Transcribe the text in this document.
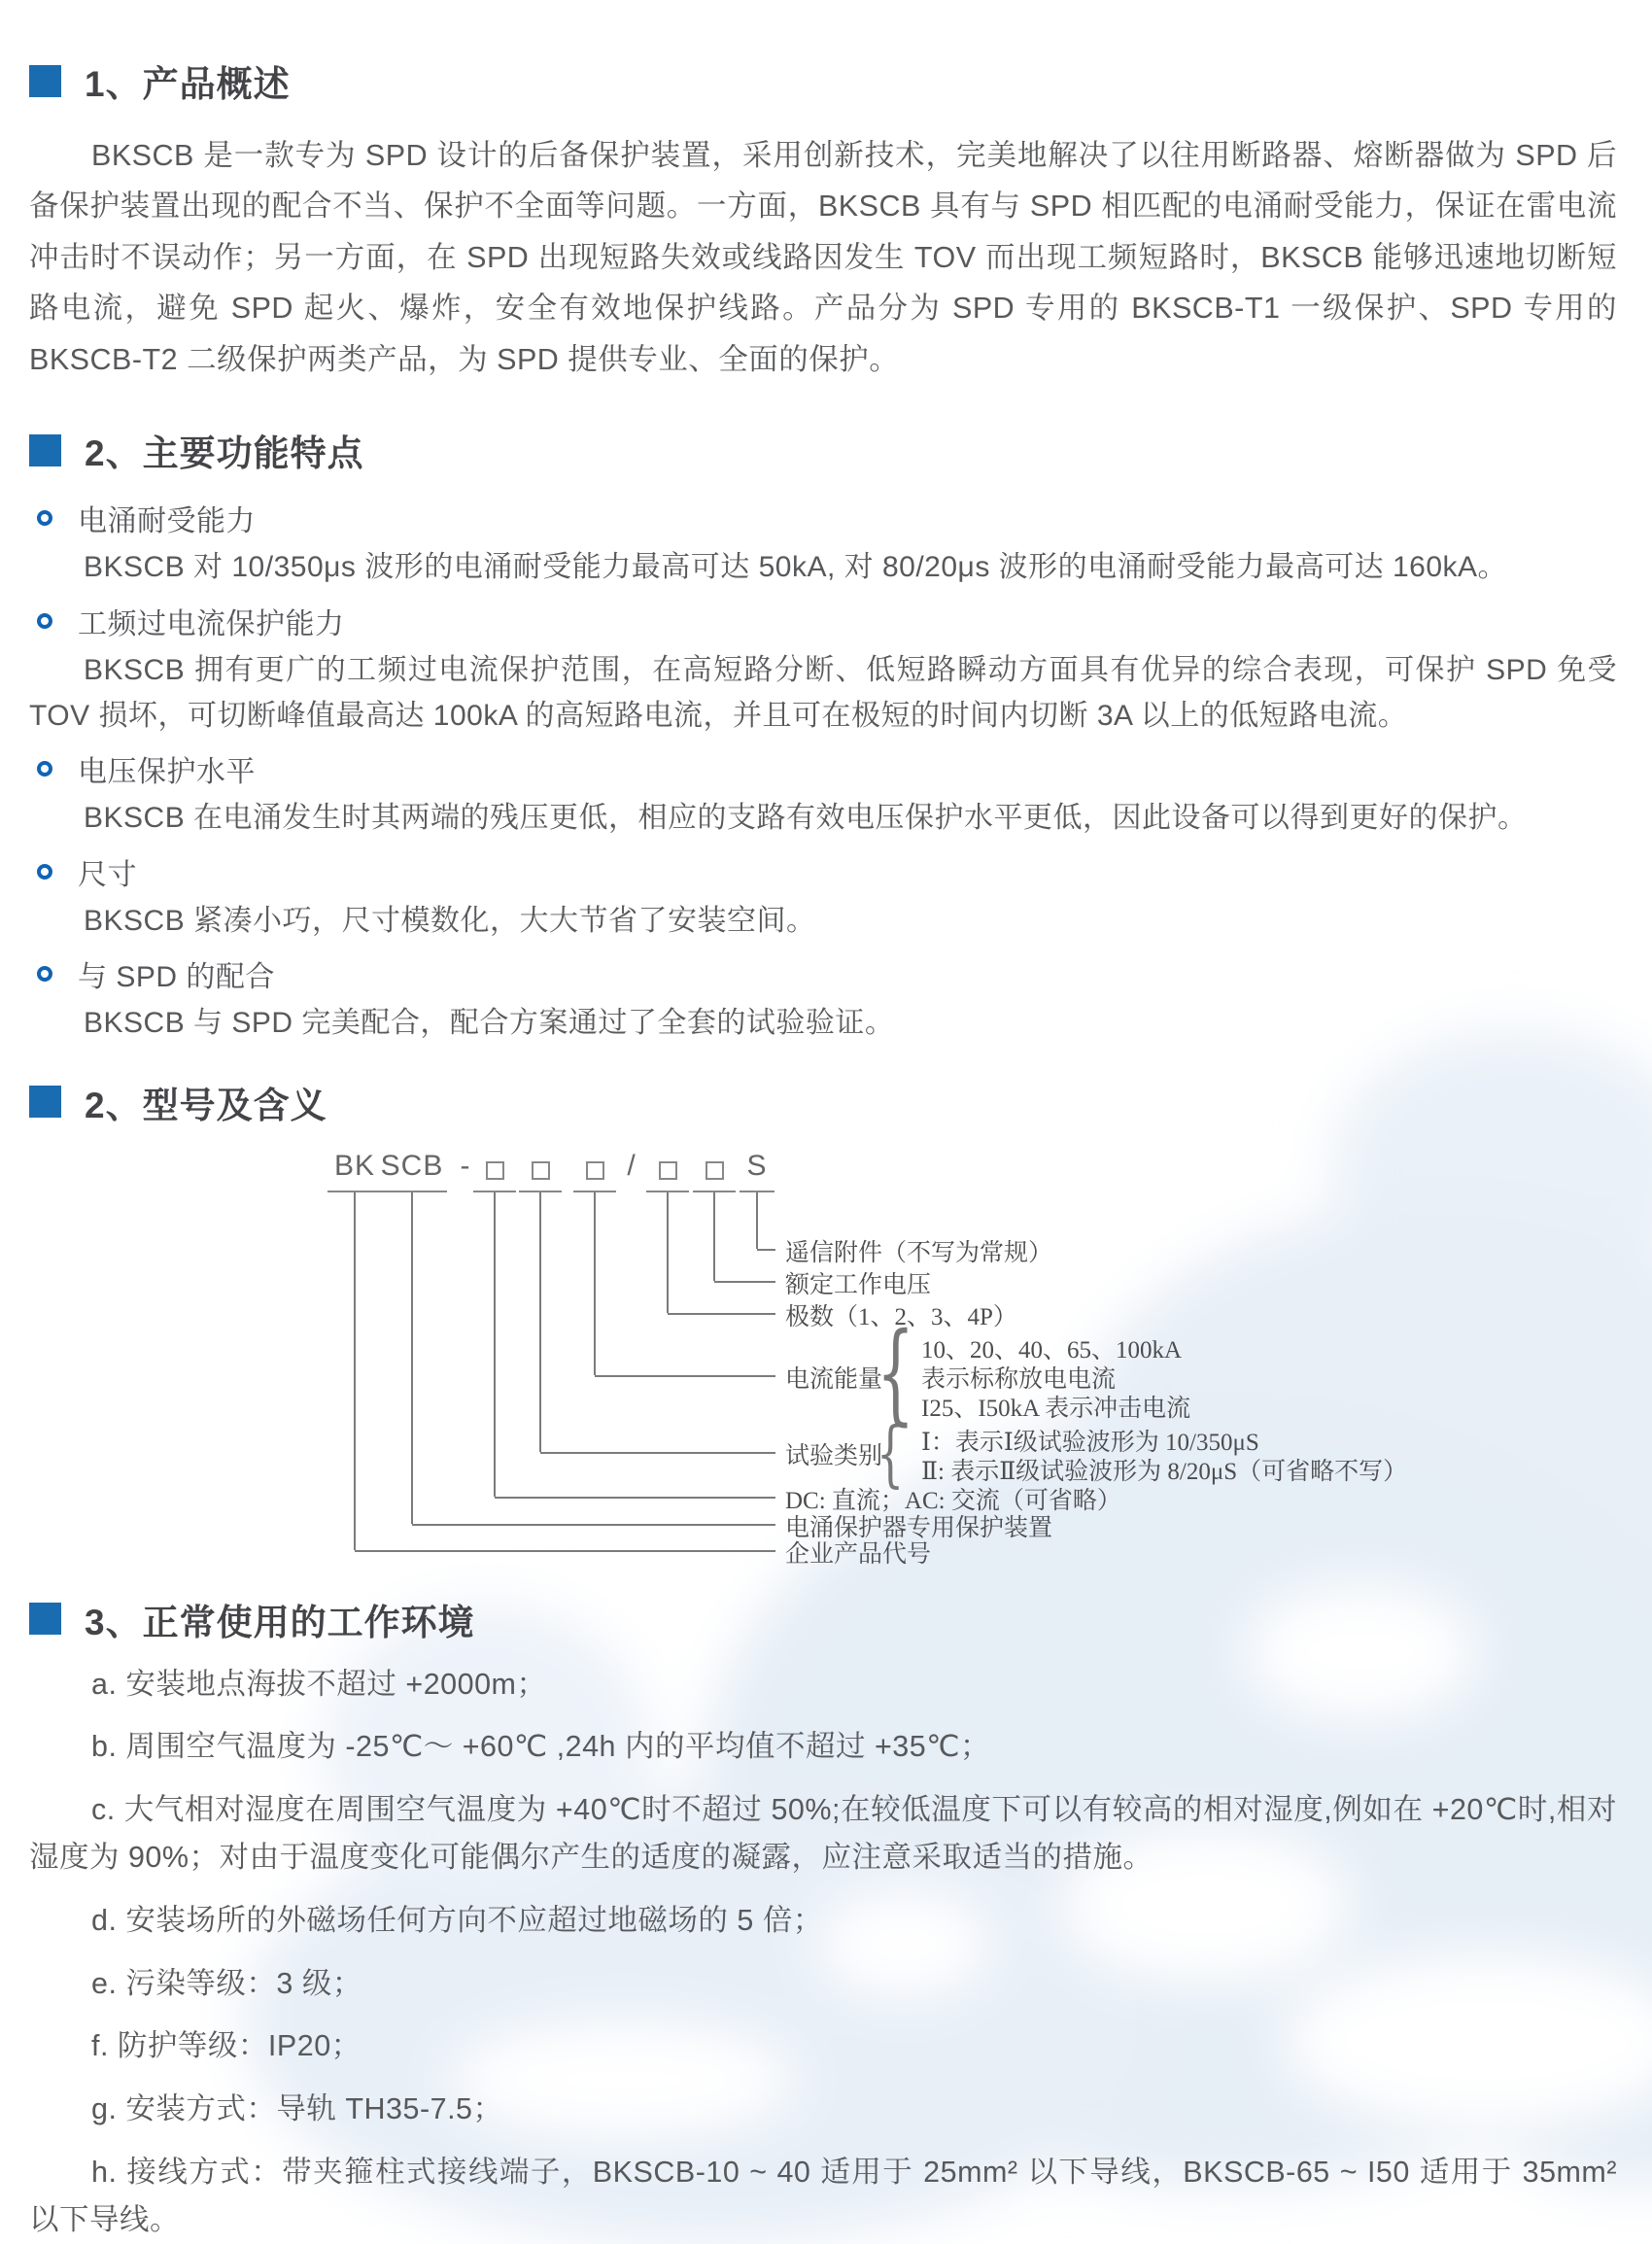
1、产品概述

BKSCB 是一款专为 SPD 设计的后备保护装置，采用创新技术，完美地解决了以往用断路器、熔断器做为 SPD 后备保护装置出现的配合不当、保护不全面等问题。一方面，BKSCB 具有与 SPD 相匹配的电涌耐受能力，保证在雷电流冲击时不误动作；另一方面，在 SPD 出现短路失效或线路因发生 TOV 而出现工频短路时，BKSCB 能够迅速地切断短路电流，避免 SPD 起火、爆炸，安全有效地保护线路。产品分为 SPD 专用的 BKSCB-T1 一级保护、SPD 专用的 BKSCB-T2 二级保护两类产品，为 SPD 提供专业、全面的保护。

2、主要功能特点
电涌耐受能力

BKSCB 对 10/350μs 波形的电涌耐受能力最高可达 50kA, 对 80/20μs 波形的电涌耐受能力最高可达 160kA。

工频过电流保护能力

BKSCB 拥有更广的工频过电流保护范围，在高短路分断、低短路瞬动方面具有优异的综合表现，可保护 SPD 免受 TOV 损坏，可切断峰值最高达 100kA 的高短路电流，并且可在极短的时间内切断 3A 以上的低短路电流。

电压保护水平

BKSCB 在电涌发生时其两端的残压更低，相应的支路有效电压保护水平更低，因此设备可以得到更好的保护。

尺寸

BKSCB 紧凑小巧，尺寸模数化，大大节省了安装空间。

与 SPD 的配合

BKSCB 与 SPD 完美配合，配合方案通过了全套的试验验证。

2、型号及含义
BK SCB -	/	S
遥信附件（不写为常规）
额定工作电压
极数（1、2、3、4P）
电流能量
{ 10、20、40、65、100kA
表示标称放电电流
I25、I50kA 表示冲击电流
试验类别
{ Ⅰ：表示Ⅰ级试验波形为 10/350μS
Ⅱ: 表示Ⅱ级试验波形为 8/20μS（可省略不写）
DC: 直流；AC: 交流（可省略）
电涌保护器专用保护装置
企业产品代号
3、正常使用的工作环境

a. 安装地点海拔不超过 +2000m；

b. 周围空气温度为 -25℃～ +60℃ ,24h 内的平均值不超过 +35℃；

c. 大气相对湿度在周围空气温度为 +40℃时不超过 50%;在较低温度下可以有较高的相对湿度,例如在 +20℃时,相对湿度为 90%；对由于温度变化可能偶尔产生的适度的凝露，应注意采取适当的措施。

d. 安装场所的外磁场任何方向不应超过地磁场的 5 倍；

e. 污染等级：3 级；

f. 防护等级：IP20；

g. 安装方式：导轨 TH35-7.5；

h. 接线方式：带夹箍柱式接线端子，BKSCB-10 ~ 40 适用于 25mm² 以下导线，BKSCB-65 ~ I50 适用于 35mm² 以下导线。
